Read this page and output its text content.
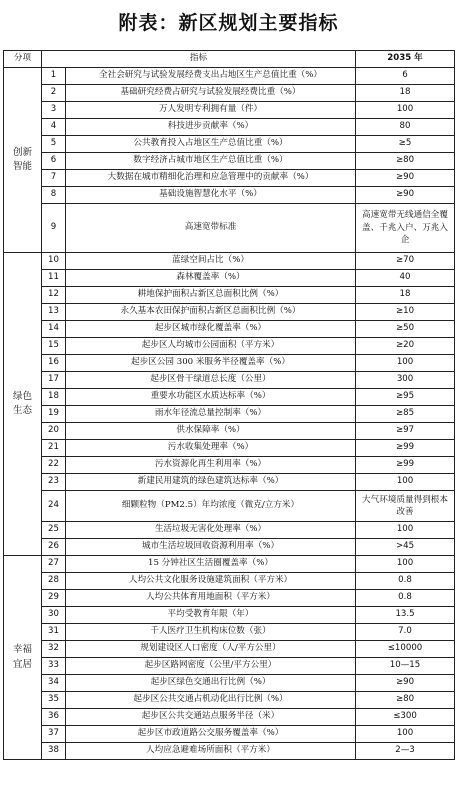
附表：新区规划主要指标
分项	指标		2035 年
创新
智能	1	全社会研究与试验发展经费支出占地区生产总值比重（%）	6
	2	基础研究经费占研究与试验发展经费比重（%）	18
	3	万人发明专利拥有量（件）	100
	4	科技进步贡献率（%）	80
	5	公共教育投入占地区生产总值比重（%）	≥5
	6	数字经济占城市地区生产总值比重（%）	≥80
	7	大数据在城市精细化治理和应急管理中的贡献率（%）	≥90
	8	基础设施智慧化水平（%）	≥90
	9	高速宽带标准	高速宽带无线通信全覆盖、千兆入户、万兆入企
绿色
生态	10	蓝绿空间占比（%）	≥70
	11	森林覆盖率（%）	40
	12	耕地保护面积占新区总面积比例（%）	18
	13	永久基本农田保护面积占新区总面积比例（%）	≥10
	14	起步区城市绿化覆盖率（%）	≥50
	15	起步区人均城市公园面积（平方米）	≥20
	16	起步区公园 300 米服务半径覆盖率（%）	100
	17	起步区骨干绿道总长度（公里）	300
	18	重要水功能区水质达标率（%）	≥95
	19	雨水年径流总量控制率（%）	≥85
	20	供水保障率（%）	≥97
	21	污水收集处理率（%）	≥99
	22	污水资源化再生利用率（%）	≥99
	23	新建民用建筑的绿色建筑达标率（%）	100
	24	细颗粒物（PM2.5）年均浓度（微克/立方米）	大气环境质量得到根本改善
	25	生活垃圾无害化处理率（%）	100
	26	城市生活垃圾回收资源利用率（%）	>45
幸福
宜居	27	15 分钟社区生活圈覆盖率（%）	100
	28	人均公共文化服务设施建筑面积（平方米）	0.8
	29	人均公共体育用地面积（平方米）	0.8
	30	平均受教育年限（年）	13.5
	31	千人医疗卫生机构床位数（张）	7.0
	32	规划建设区人口密度（人/平方公里）	≤10000
	33	起步区路网密度（公里/平方公里）	10—15
	34	起步区绿色交通出行比例（%）	≥90
	35	起步区公共交通占机动化出行比例（%）	≥80
	36	起步区公共交通站点服务半径（米）	≤300
	37	起步区市政道路公交服务覆盖率（%）	100
	38	人均应急避难场所面积（平方米）	2—3
